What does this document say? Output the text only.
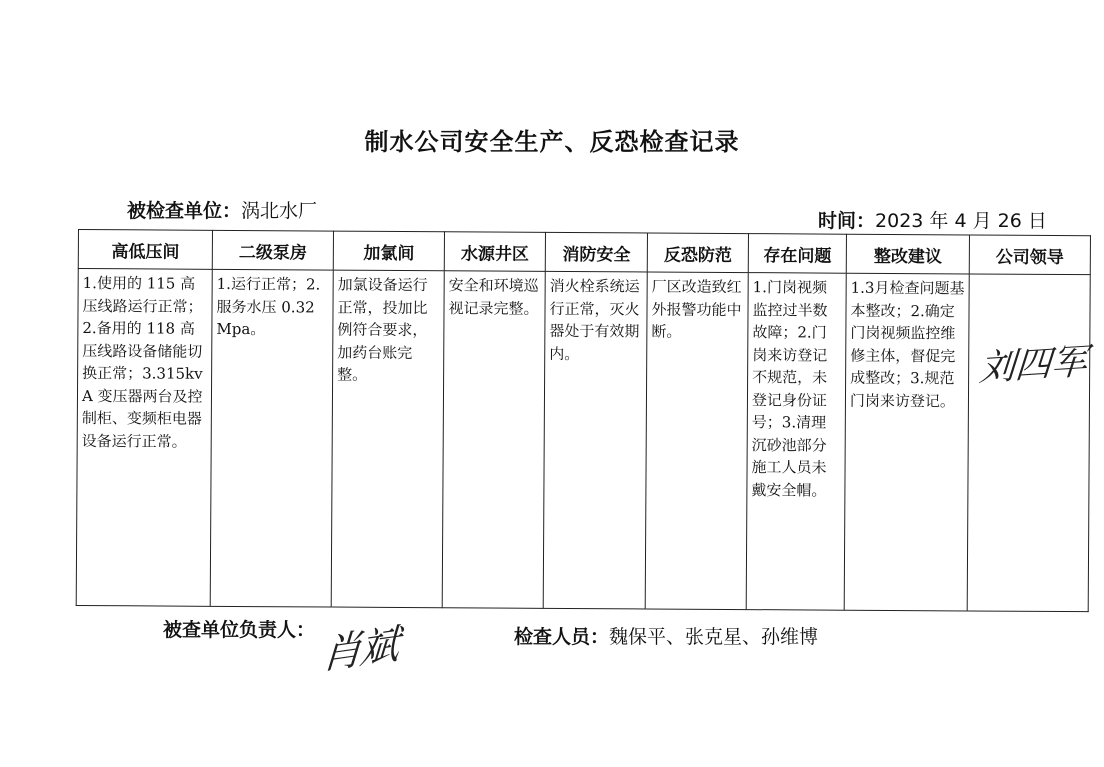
制水公司安全生产、反恐检查记录
被检查单位：涡北水厂	时间：2023 年 4 月 26 日
高低压间	二级泵房	加氯间	水源井区	消防安全	反恐防范	存在问题	整改建议	公司领导
1.使用的 115 高压线路运行正常；2.备用的 118 高压线路设备储能切换正常；3.315kvA 变压器两台及控制柜、变频柜电器设备运行正常。	1.运行正常；2.服务水压 0.32Mpa。	加氯设备运行正常，投加比例符合要求，加药台账完整。	安全和环境巡视记录完整。	消火栓系统运行正常，灭火器处于有效期内。	厂区改造致红外报警功能中断。	1.门岗视频监控过半数故障；2.门岗来访登记不规范，未登记身份证号；3.清理沉砂池部分施工人员未戴安全帽。	1.3月检查问题基本整改；2.确定门岗视频监控维修主体，督促完成整改；3.规范门岗来访登记。	刘四军
被查单位负责人： 肖斌	检查人员：魏保平、张克星、孙维博
